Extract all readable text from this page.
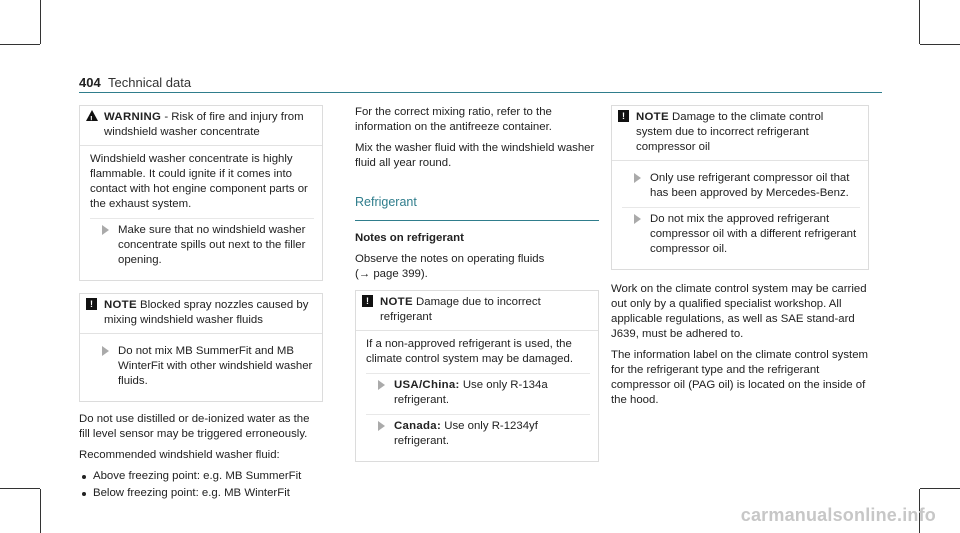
404 Technical data
!
WARNING - Risk of fire and injury from windshield washer concentrate

Windshield washer concentrate is highly flammable. It could ignite if it comes into contact with hot engine component parts or the exhaust system.

Make sure that no windshield washer concentrate spills out next to the filler opening.
! NOTE Blocked spray nozzles caused by mixing windshield washer fluids
Do not mix MB SummerFit and MB WinterFit with other windshield washer fluids.

Do not use distilled or de-ionized water as the fill level sensor may be triggered erroneously.

Recommended windshield washer fluid:

Above freezing point: e.g. MB SummerFit
Below freezing point: e.g. MB WinterFit

For the correct mixing ratio, refer to the information on the antifreeze container.

Mix the washer fluid with the windshield washer fluid all year round.

Refrigerant

Notes on refrigerant

Observe the notes on operating fluids
(→ page 399).

! NOTE Damage due to incorrect refrigerant

If a non-approved refrigerant is used, the climate control system may be damaged.

USA/China: Use only R-134a refrigerant.
Canada: Use only R-1234yf refrigerant.
! NOTE Damage to the climate control system due to incorrect refrigerant compressor oil
Only use refrigerant compressor oil that has been approved by Mercedes-Benz.
Do not mix the approved refrigerant compressor oil with a different refrigerant compressor oil.

Work on the climate control system may be carried out only by a qualified specialist workshop. All applicable regulations, as well as SAE stand-ard J639, must be adhered to.

The information label on the climate control system for the refrigerant type and the refrigerant compressor oil (PAG oil) is located on the inside of the hood.

carmanualsonline.info
